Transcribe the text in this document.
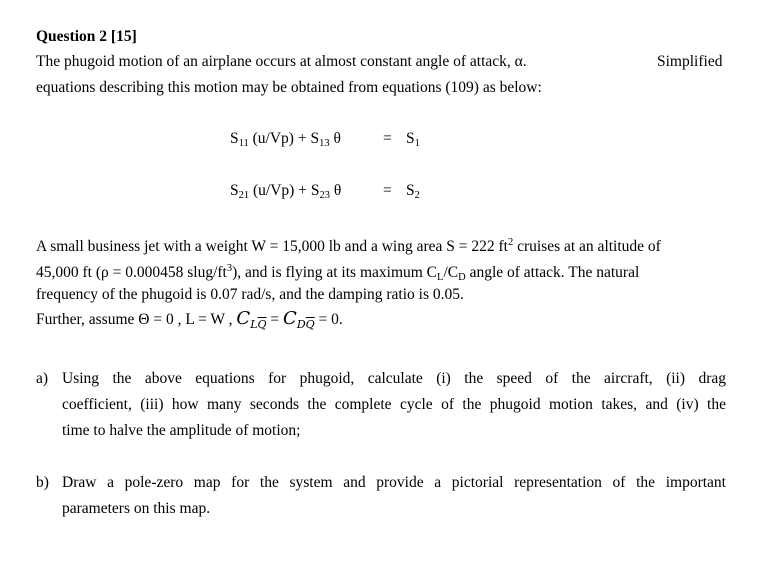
Question 2 [15]
The phugoid motion of an airplane occurs at almost constant angle of attack, α.	Simplified
equations describing this motion may be obtained from equations (109) as below:
$S_{11}$ $(u/Vp) + S_{13}$ θ	= $S_1$
$S_{21}$ $(u/Vp) + S_{23}$ θ	= $S_2$
A small business jet with a weight W = 15,000 lb and a wing area S = 222 $ft^2$ cruises at an altitude of
45,000 ft (ρ = 0.000458 slug/$ft^3$), and is flying at its maximum $C_L/C_D$ angle of attack. The natural
frequency of the phugoid is 0.07 rad/s, and the damping ratio is 0.05.
Further, assume Θ = 0 , L = W , $C_{L\overline{Q}} = C_{D\overline{Q}} = 0$.
a) Using the above equations for phugoid, calculate (i) the speed of the aircraft, (ii) drag
coefficient, (iii) how many seconds the complete cycle of the phugoid motion takes, and (iv) the
time to halve the amplitude of motion;
b) Draw a pole-zero map for the system and provide a pictorial representation of the important
parameters on this map.
